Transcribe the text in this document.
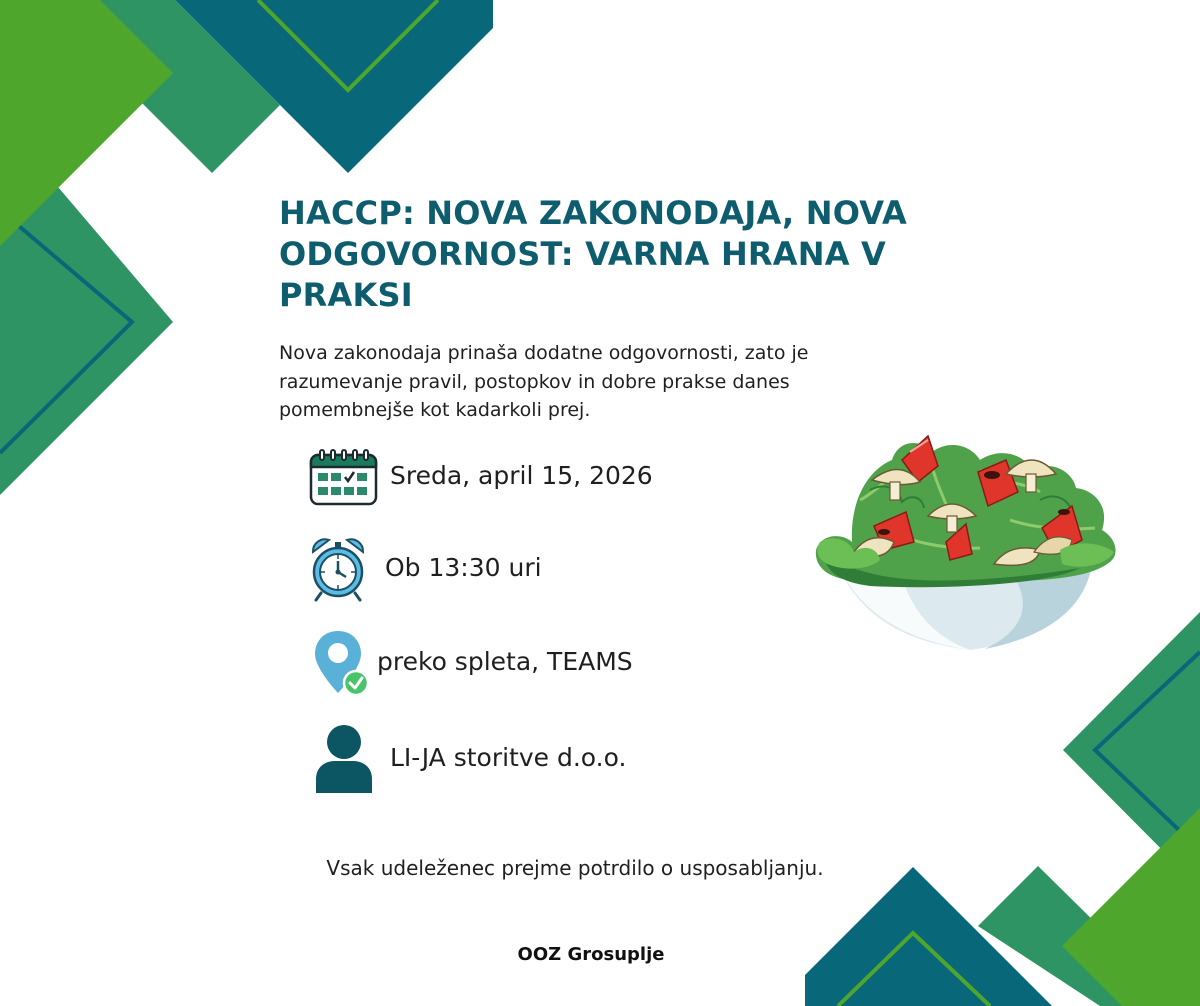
HACCP: NOVA ZAKONODAJA, NOVA
ODGOVORNOST: VARNA HRANA V
PRAKSI

Nova zakonodaja prinaša dodatne odgovornosti, zato je
razumevanje pravil, postopkov in dobre prakse danes
pomembnejše kot kadarkoli prej.

Sreda, april 15, 2026
Ob 13:30 uri
preko spleta, TEAMS
LI-JA storitve d.o.o.
Vsak udeleženec prejme potrdilo o usposabljanju.
OOZ Grosuplje
